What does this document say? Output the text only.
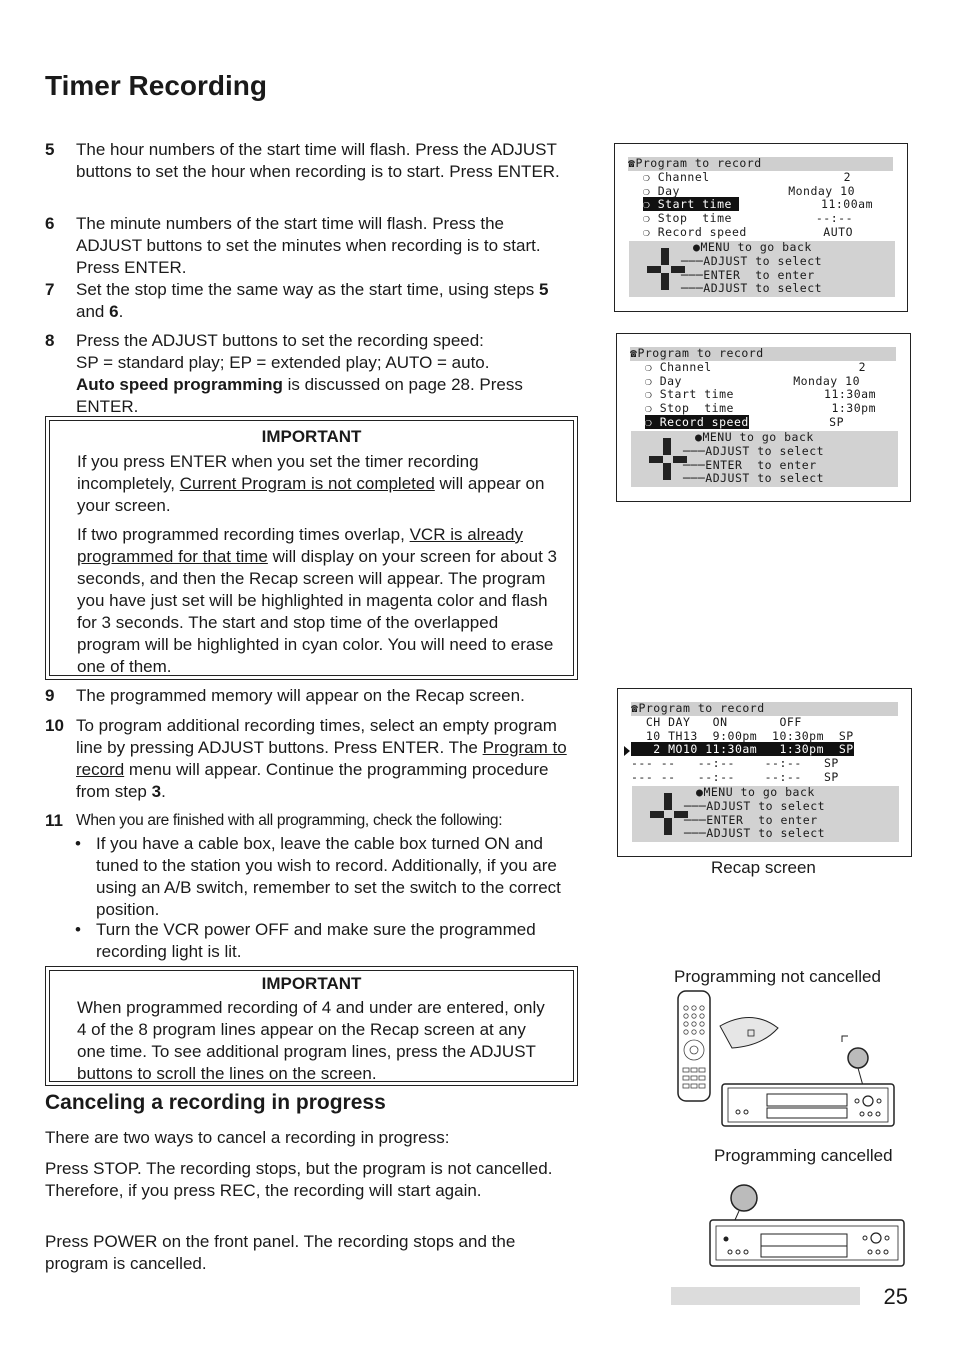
Timer Recording
5 The hour numbers of the start time will flash. Press the ADJUST buttons to set the hour when recording is to start. Press ENTER.
6 The minute numbers of the start time will flash. Press the ADJUST buttons to set the minutes when recording is to start. Press ENTER.
7 Set the stop time the same way as the start time, using steps 5 and 6.
8 Press the ADJUST buttons to set the recording speed:
SP = standard play; EP = extended play; AUTO = auto.
Auto speed programming is discussed on page 28. Press ENTER.
IMPORTANT
If you press ENTER when you set the timer recording incompletely, Current Program is not completed will appear on your screen.
If two programmed recording times overlap, VCR is already programmed for that time will display on your screen for about 3 seconds, and then the Recap screen will appear. The program you have just set will be highlighted in magenta color and flash for 3 seconds. The start and stop time of the overlapped program will be highlighted in cyan color. You will need to erase one of them.
9 The programmed memory will appear on the Recap screen.
10 To program additional recording times, select an empty program line by pressing ADJUST buttons. Press ENTER. The Program to record menu will appear. Continue the programming procedure from step 3.
11 When you are finished with all programming, check the following:
• If you have a cable box, leave the cable box turned ON and tuned to the station you wish to record. Additionally, if you are using an A/B switch, remember to set the switch to the correct position.
• Turn the VCR power OFF and make sure the programmed recording light is lit.
IMPORTANT
When programmed recording of 4 and under are entered, only 4 of the 8 program lines appear on the Recap screen at any one time. To see additional program lines, press the ADJUST buttons to scroll the lines on the screen.
Canceling a recording in progress
There are two ways to cancel a recording in progress:
Press STOP. The recording stops, but the program is not cancelled. Therefore, if you press REC, the recording will start again.
Press POWER on the front panel. The recording stops and the program is cancelled.
☎Program to record
❍ Channel	2
❍ Day	Monday 10
❍ Start time	11:00am
❍ Stop  time	--:--
❍ Record speed	AUTO
●MENU to go back
───ADJUST to select
───ENTER  to enter
───ADJUST to select
☎Program to record
❍ Channel	2
❍ Day	Monday 10
❍ Start time	11:30am
❍ Stop  time	1:30pm
❍ Record speed	SP
●MENU to go back
───ADJUST to select
───ENTER  to enter
───ADJUST to select
☎Program to record
CH DAY   ON       OFF
10 TH13  9:00pm  10:30pm  SP
2 MO10 11:30am   1:30pm  SP
--- --   --:--    --:--   SP
--- --   --:--    --:--   SP
●MENU to go back
───ADJUST to select
───ENTER  to enter
───ADJUST to select
Recap screen
Programming not cancelled
Programming cancelled
25
